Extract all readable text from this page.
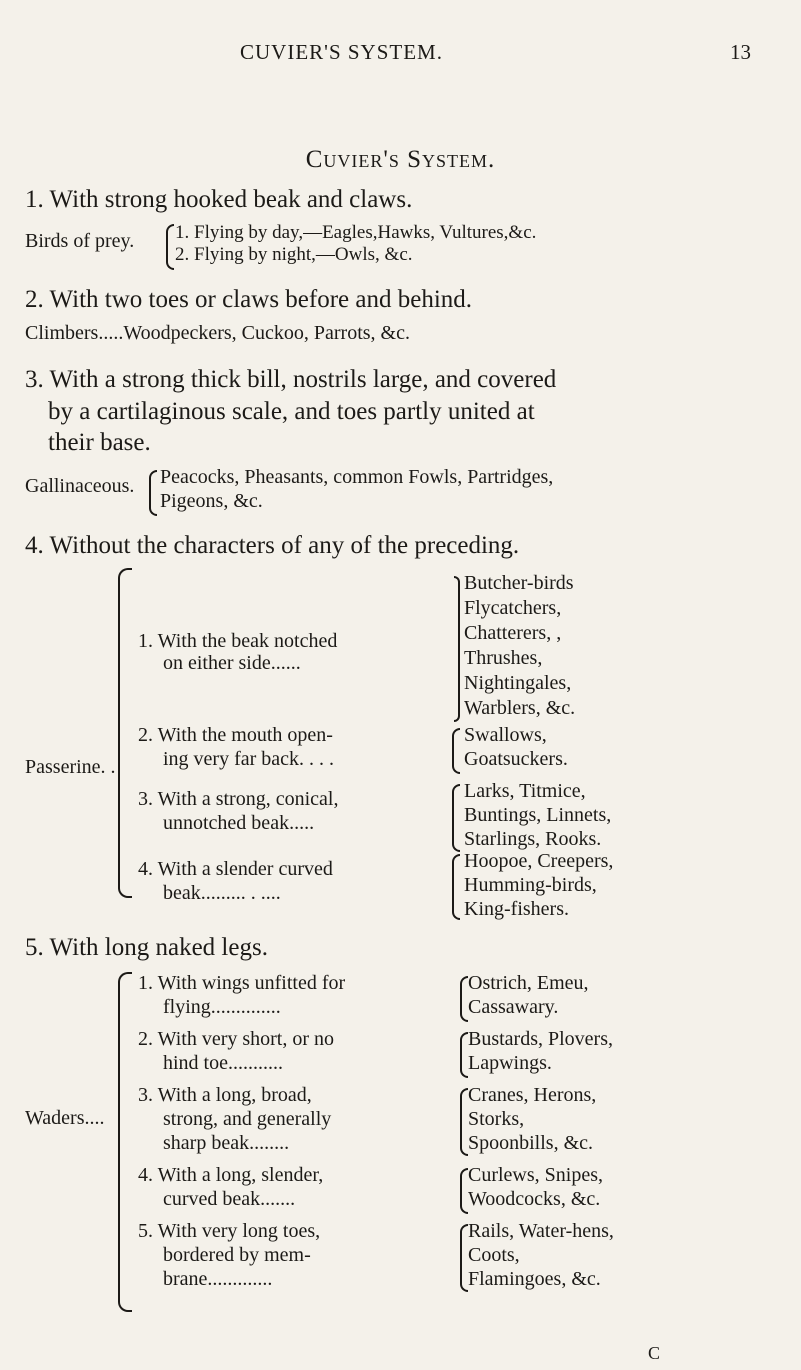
CUVIER'S SYSTEM.	13
Cuvier's System.
1. With strong hooked beak and claws.
Birds of prey. 1. Flying by day,—Eagles,Hawks, Vultures,&c.
2. Flying by night,—Owls, &c.
2. With two toes or claws before and behind.
Climbers.....Woodpeckers, Cuckoo, Parrots, &c.
3. With a strong thick bill, nostrils large, and covered
by a cartilaginous scale, and toes partly united at
their base.
Gallinaceous. Peacocks, Pheasants, common Fowls, Partridges,
Pigeons, &c.
4. Without the characters of any of the preceding.
Passerine. .
1. With the beak notched
on either side......
Butcher-birds
Flycatchers,
Chatterers, ,
Thrushes,
Nightingales,
Warblers, &c.
2. With the mouth open-
ing very far back. . . .
Swallows,
Goatsuckers.
3. With a strong, conical,
unnotched beak.....
Larks, Titmice,
Buntings, Linnets,
Starlings, Rooks.
4. With a slender curved
beak......... . ....
Hoopoe, Creepers,
Humming-birds,
King-fishers.
5. With long naked legs.
Waders....
1. With wings unfitted for
flying..............
Ostrich, Emeu,
Cassawary.
2. With very short, or no
hind toe...........
Bustards, Plovers,
Lapwings.
3. With a long, broad,
strong, and generally
sharp beak........
Cranes, Herons,
Storks,
Spoonbills, &c.
4. With a long, slender,
curved beak.......
Curlews, Snipes,
Woodcocks, &c.
5. With very long toes,
bordered by mem-
brane.............
Rails, Water-hens,
Coots,
Flamingoes, &c.
C
